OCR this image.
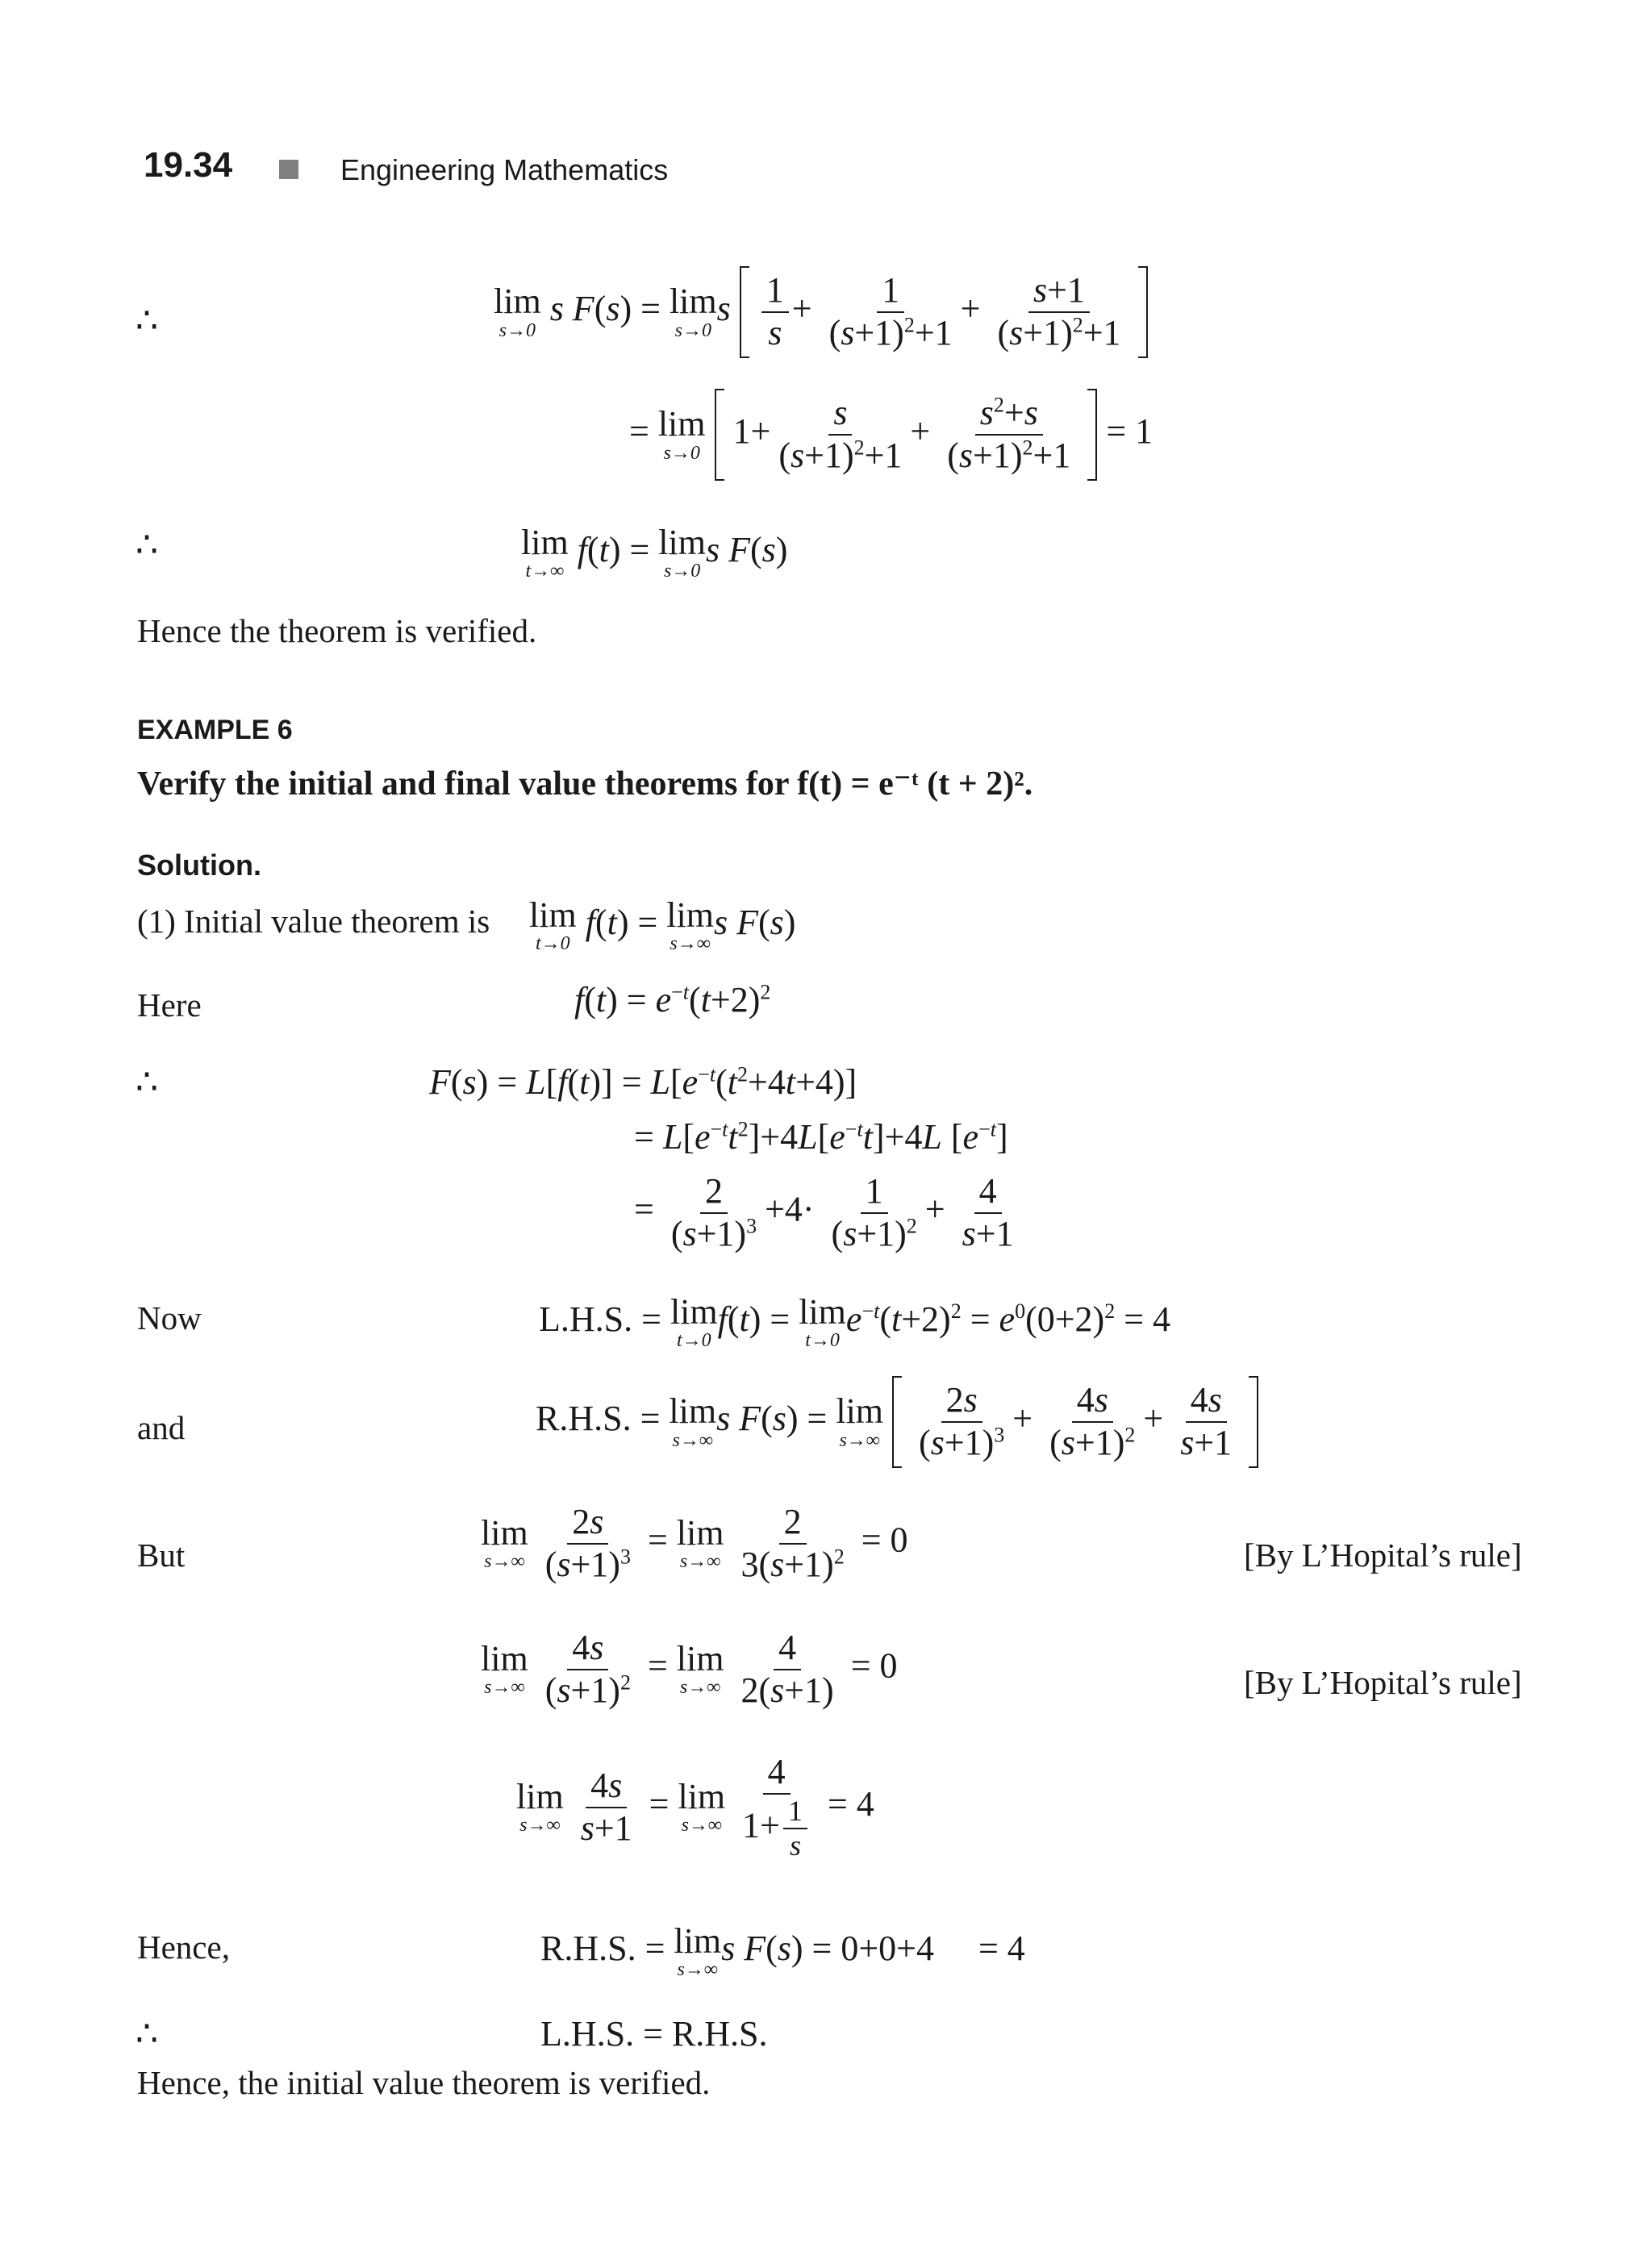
19.34	Engineering Mathematics
∴	lim
s→0
s F(s) = lim
s→0
s $\frac{1}{s} + \frac{1}{(s+1)^2+1} + \frac{s+1}{(s+1)^2+1}$

= lim
s→0
$1+ \frac{s}{(s+1)^2+1} + \frac{s^2+s}{(s+1)^2+1} = 1$
∴	lim
t→∞
f(t) = lim
s→0
s F(s)
Hence the theorem is verified.
EXAMPLE 6
Verify the initial and final value theorems for f(t) = e⁻ᵗ (t + 2)².
Solution.
(1) Initial value theorem is lim
t→0
f(t) = lim
s→∞
s F(s)
Here	$f(t) = e^{-t}(t+2)^2$
∴	$F(s) = L[f(t)] = L[e^{-t}(t^2+4t+4)]$
= $L[e^{-t}t^2]+4L[e^{-t}t]+4L$ $[e^{-t}]$
= $\frac{2}{(s+1)^3} +4\cdot \frac{1}{(s+1)^2} + \frac{4}{s+1}$
Now	L.H.S. = lim
t→0
f(t) = lim
t→0
$e^{-t}(t+2)^2 = e^0(0+2)^2 = 4$
and	R.H.S. = lim
s→∞
s F(s) = lim
s→∞
$\frac{2s}{(s+1)^3} + \frac{4s}{(s+1)^2} + \frac{4s}{s+1}$

But
lim
s→∞
$\frac{2s}{(s+1)^3} = \lim$
s→∞
$\frac{2}{3(s+1)^2} = 0$	[By L’Hopital’s rule]
lim
s→∞
$\frac{4s}{(s+1)^2} = \lim$
s→∞
$\frac{4}{2(s+1)} = 0$	[By L’Hopital’s rule]
lim
s→∞
$\frac{4s}{s+1} = \lim$
s→∞
$\frac{4}{1+ \frac{1}{s}} = 4$
Hence,	R.H.S. = lim
s→∞
s F(s) = 0+0+4     = 4
∴	L.H.S. = R.H.S.
Hence, the initial value theorem is verified.
